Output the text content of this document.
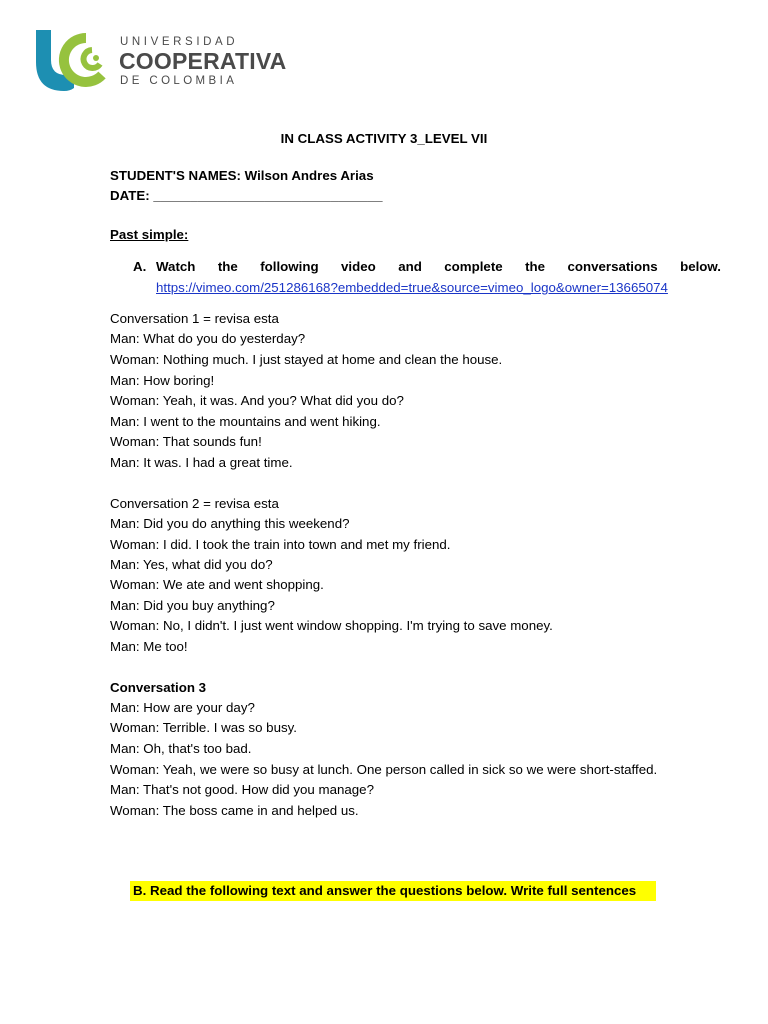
UNIVERSIDAD
COOPERATIVA
DE COLOMBIA
IN CLASS ACTIVITY 3_LEVEL VII
STUDENT'S NAMES: Wilson Andres Arias
DATE: _______________________________
Past simple:
A. Watch the following video and complete the conversations below.
https://vimeo.com/251286168?embedded=true&source=vimeo_logo&owner=13665074
Conversation 1 = revisa esta
Man: What do you do yesterday?
Woman: Nothing much. I just stayed at home and clean the house.
Man: How boring!
Woman: Yeah, it was. And you? What did you do?
Man: I went to the mountains and went hiking.
Woman: That sounds fun!
Man: It was. I had a great time.
Conversation 2 = revisa esta
Man: Did you do anything this weekend?
Woman: I did. I took the train into town and met my friend.
Man: Yes, what did you do?
Woman: We ate and went shopping.
Man: Did you buy anything?
Woman: No, I didn't. I just went window shopping. I'm trying to save money.
Man: Me too!
Conversation 3
Man: How are your day?
Woman: Terrible. I was so busy.
Man: Oh, that's too bad.
Woman: Yeah, we were so busy at lunch. One person called in sick so we were short-staffed.
Man: That's not good. How did you manage?
Woman: The boss came in and helped us.
B. Read the following text and answer the questions below. Write full sentences
